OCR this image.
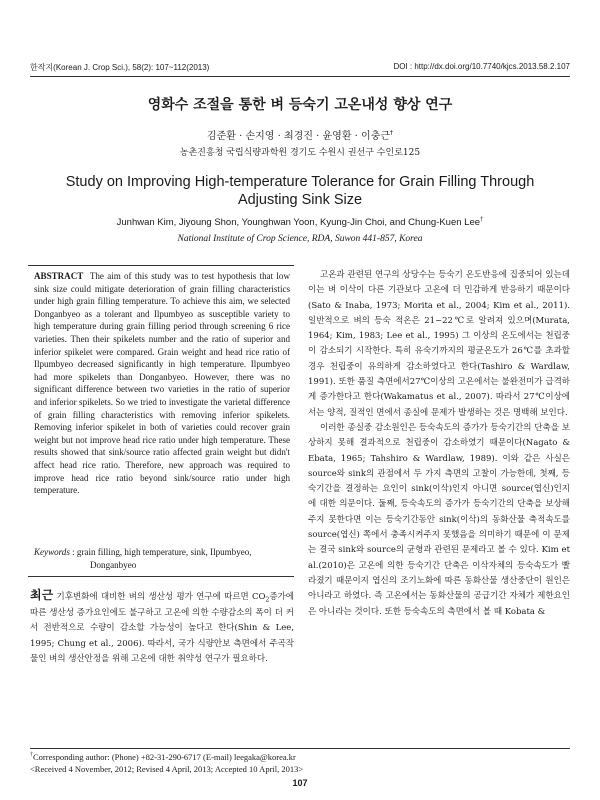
한작지(Korean J. Crop Sci.), 58(2): 107~112(2013)	DOI : http://dx.doi.org/10.7740/kjcs.2013.58.2.107
영화수 조절을 통한 벼 등숙기 고온내성 향상 연구
김준환 · 손지영 · 최경진 · 윤영환 · 이충근†
농촌진흥청 국립식량과학원 경기도 수원시 권선구 수인로125
Study on Improving High-temperature Tolerance for Grain Filling Through
Adjusting Sink Size
Junhwan Kim, Jiyoung Shon, Younghwan Yoon, Kyung-Jin Choi, and Chung-Kuen Lee†
National Institute of Crop Science, RDA, Suwon 441-857, Korea
ABSTRACT The aim of this study was to test hypothesis that low sink size could mitigate deterioration of grain filling characteristics under high grain filling temperature. To achieve this aim, we selected Donganbyeo as a tolerant and Ilpumbyeo as susceptible variety to high temperature during grain filling period through screening 6 rice varieties. Then their spikelets number and the ratio of superior and inferior spikelet were compared. Grain weight and head rice ratio of Ilpumbyeo decreased significantly in high temperature. Ilpumbyeo had more spikelets than Donganbyeo. However, there was no significant difference between two varieties in the ratio of superior and inferior spikelets. So we tried to investigate the varietal difference of grain filling characteristics with removing inferior spikelets. Removing inferior spikelet in both of varieties could recover grain weight but not improve head rice ratio under high temperature. These results showed that sink/source ratio affected grain weight but didn't affect head rice ratio. Therefore, new approach was required to improve head rice ratio beyond sink/source ratio under high temperature.
Keywords : grain filling, high temperature, sink, Ilpumbyeo,
Donganbyeo
최근 기후변화에 대비한 벼의 생산성 평가 연구에 따르면 $CO_2$증가에 따른 생산성 증가요인에도 불구하고 고온에 의한 수량감소의 폭이 더 커서 전반적으로 수량이 감소할 가능성이 높다고 한다(Shin & Lee, 1995; Chung et al., 2006). 따라서, 국가 식량안보 측면에서 주곡작물인 벼의 생산안정을 위해 고온에 대한 취약성 연구가 필요하다.

고온과 관련된 연구의 상당수는 등숙기 온도반응에 집중되어 있는데 이는 벼 이삭이 다른 기관보다 고온에 더 민감하게 반응하기 때문이다(Sato & Inaba, 1973; Morita et al., 2004; Kim et al., 2011). 일반적으로 벼의 등숙 적온은 21~22℃로 알려져 있으며(Murata, 1964; Kim, 1983; Lee et al., 1995) 그 이상의 온도에서는 천립중이 감소되기 시작한다. 특히 유숙기까지의 평균온도가 26℃를 초과할 경우 천립중이 유의하게 감소하였다고 한다(Tashiro & Wardlaw, 1991). 또한 품질 측면에서27℃이상의 고온에서는 불완전미가 급격하게 증가한다고 한다(Wakamatus et al., 2007). 따라서 27℃이상에서는 양적, 질적인 면에서 종실에 문제가 발생하는 것은 명백해 보인다.

이러한 종실중 감소원인은 등숙속도의 증가가 등숙기간의 단축을 보상하지 못해 결과적으로 천립중이 감소하였기 때문이다(Nagato & Ebata, 1965; Tahshiro & Wardlaw, 1989). 이와 같은 사실은 source와 sink의 관점에서 두 가지 측면의 고찰이 가능한데, 첫째, 등숙기간을 결정하는 요인이 sink(이삭)인지 아니면 source(엽신)인지에 대한 의문이다. 둘째, 등숙속도의 증가가 등숙기간의 단축을 보상해주지 못한다면 이는 등숙기간동안 sink(이삭)의 동화산물 축적속도를 source(엽신) 쪽에서 충족시켜주지 못했음을 의미하기 때문에 이 문제는 결국 sink와 source의 균형과 관련된 문제라고 볼 수 있다. Kim et al.(2010)은 고온에 의한 등숙기간 단축은 이삭자체의 등숙속도가 빨라졌기 때문이지 엽신의 조기노화에 따른 동화산물 생산중단이 원인은 아니라고 하였다. 즉 고온에서는 동화산물의 공급기간 자체가 제한요인은 아니라는 것이다. 또한 등숙속도의 측면에서 볼 때 Kobata &

†Corresponding author: (Phone) +82-31-290-6717 (E-mail) leegaka@korea.kr
<Received 4 November, 2012; Revised 4 April, 2013; Accepted 10 April, 2013>
107
